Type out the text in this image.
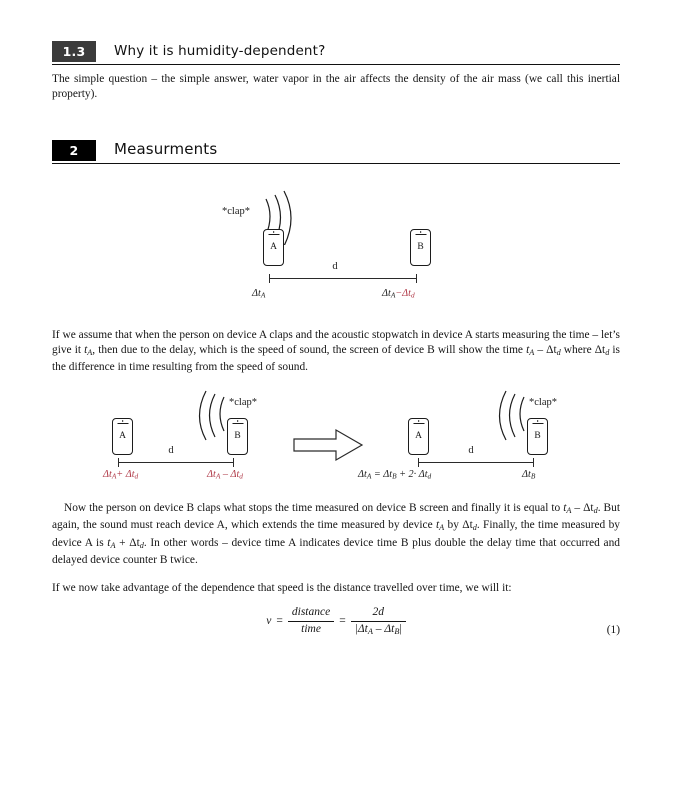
1.3	Why it is humidity-dependent?
The simple question – the simple answer, water vapor in the air affects the density of the air mass (we call this inertial property).
2	Measurments
*clap*
A	B
d
$\Delta t_A$	$\Delta t_A-\Delta t_d$
If we assume that when the person on device A claps and the acoustic stopwatch in device A starts measuring the time – let’s give it $t_A$, then due to the delay, which is the speed of sound, the screen of device B will show the time $t_A - \Delta t_d$ where $\Delta t_d$ is the difference in time resulting from the speed of sound.
A
*clap*
B
d
$\Delta t_A+ \Delta t_d$	$\Delta t_A - \Delta t_d$
A
*clap*
B
d
$\Delta t_A = \Delta t_B + 2\cdot \Delta t_d$	$\Delta t_B$
Now the person on device B claps what stops the time measured on device B screen and finally it is equal to $t_A - \Delta t_d$. But again, the sound must reach device A, which extends the time measured by device $t_A$ by $\Delta t_d$. Finally, the time measured by device A is $t_A + \Delta t_d$. In other words – device time A indicates device time B plus double the delay time that occurred and delayed device counter B twice.
If we now take advantage of the dependence that speed is the distance travelled over time, we will it:
$v = \frac{\text{distance}}{\text{time}} = \frac{2d}{|\Delta t_A - \Delta t_B|}$	(1)
